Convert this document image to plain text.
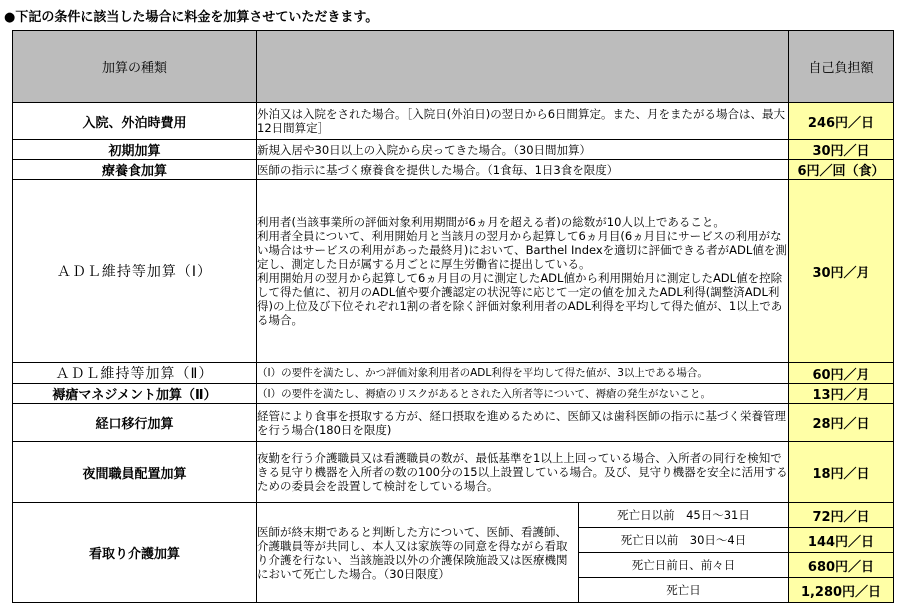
●下記の条件に該当した場合に料金を加算させていただきます。
加算の種類			自己負担額
入院、外泊時費用	外泊又は入院をされた場合。［入院日(外泊日)の翌日から6日間算定。また、月をまたがる場合は、最大12日間算定］		246円／日
初期加算	新規入居や30日以上の入院から戻ってきた場合。（30日間加算）		30円／日
療養食加算	医師の指示に基づく療養食を提供した場合。（1食毎、1日3食を限度）		6円／回（食）
ＡＤＬ維持等加算（Ⅰ）	利用者(当該事業所の評価対象利用期間が6ヵ月を超える者)の総数が10人以上であること。
利用者全員について、利用開始月と当該月の翌月から起算して6ヵ月目(6ヵ月目にサービスの利用がない場合はサービスの利用があった最終月)において、Barthel Indexを適切に評価できる者がADL値を測定し、測定した日が属する月ごとに厚生労働省に提出している。
利用開始月の翌月から起算して6ヵ月目の月に測定したADL値から利用開始月に測定したADL値を控除して得た値に、初月のADL値や要介護認定の状況等に応じて一定の値を加えたADL利得(調整済ADL利得)の上位及び下位それぞれ1割の者を除く評価対象利用者のADL利得を平均して得た値が、1以上である場合。		30円／月
ＡＤＬ維持等加算（Ⅱ）	（Ⅰ）の要件を満たし、かつ評価対象利用者のADL利得を平均して得た値が、3以上である場合。		60円／月
褥瘡マネジメント加算（Ⅱ）	（Ⅰ）の要件を満たし、褥瘡のリスクがあるとされた入所者等について、褥瘡の発生がないこと。		13円／月
経口移行加算	経管により食事を摂取する方が、経口摂取を進めるために、医師又は歯科医師の指示に基づく栄養管理を行う場合(180日を限度)		28円／日
夜間職員配置加算	夜勤を行う介護職員又は看護職員の数が、最低基準を1以上上回っている場合、入所者の同行を検知できる見守り機器を入所者の数の100分の15以上設置している場合。及び、見守り機器を安全に活用するための委員会を設置して検討をしている場合。		18円／日
看取り介護加算	医師が終末期であると判断した方について、医師、看護師、介護職員等が共同し、本人又は家族等の同意を得ながら看取り介護を行ない、当該施設以外の介護保険施設又は医療機関において死亡した場合。（30日限度）	死亡日以前　45日〜31日	72円／日
		死亡日以前　30日〜4日	144円／日
		死亡日前日、前々日	680円／日
		死亡日	1,280円／日
